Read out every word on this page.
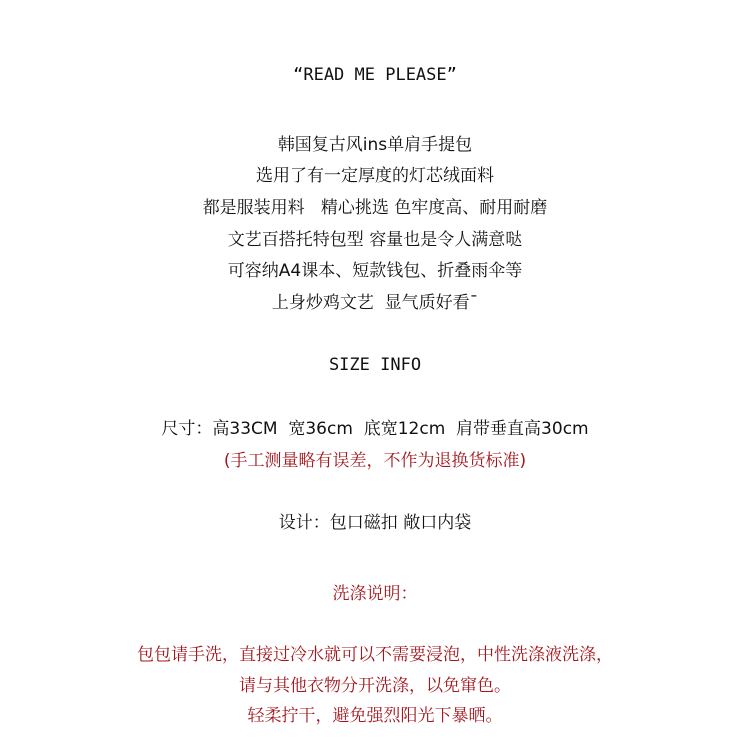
“READ ME PLEASE”
韩国复古风ins单肩手提包
选用了有一定厚度的灯芯绒面料
都是服装用料   精心挑选 色牢度高、耐用耐磨
文艺百搭托特包型 容量也是令人满意哒
可容纳A4课本、短款钱包、折叠雨伞等
上身炒鸡文艺  显气质好看¯
SIZE INFO
尺寸：高33CM  宽36cm  底宽12cm  肩带垂直高30cm
(手工测量略有误差，不作为退换货标准)
设计：包口磁扣 敞口内袋
洗涤说明：
包包请手洗，直接过冷水就可以不需要浸泡，中性洗涤液洗涤，
请与其他衣物分开洗涤，以免窜色。
轻柔拧干，避免强烈阳光下暴晒。
